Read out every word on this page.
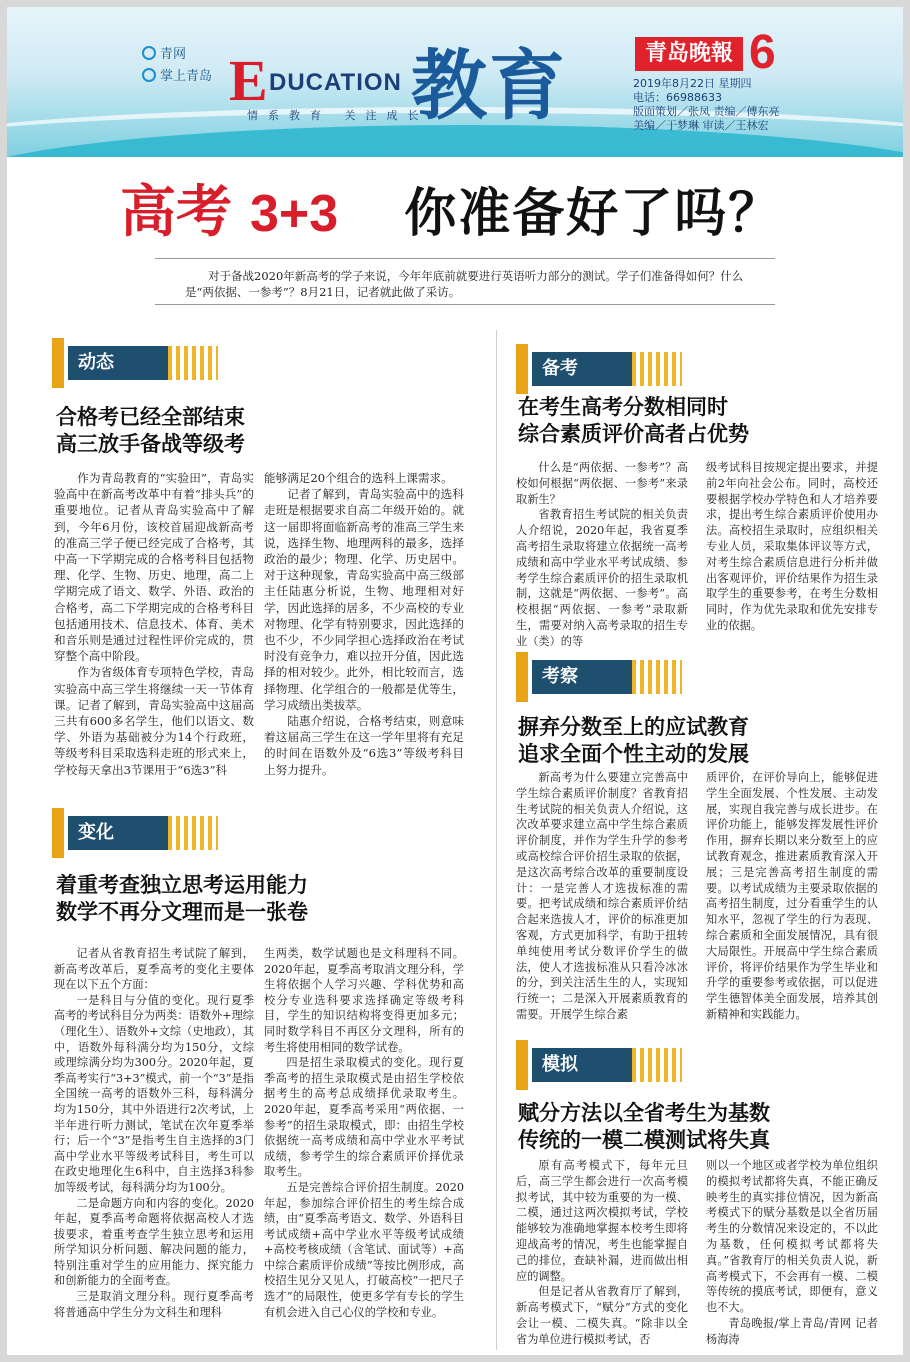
青网
掌上青岛 E DUCATION
情系教育 关注成长
教育	青岛晚報 6
2019年8月22日 星期四
电话：66988633
版面策划／张凤 责编／傅东亮
美编／于梦琳 审读／王林宏
高考 3+3 你准备好了吗？
对于备战2020年新高考的学子来说，今年年底前就要进行英语听力部分的测试。学子们准备得如何？什么是“两依据、一参考”？8月21日，记者就此做了采访。
动态
合格考已经全部结束
高三放手备战等级考

作为青岛教育的“实验田”，青岛实验高中在新高考改革中有着“排头兵”的重要地位。记者从青岛实验高中了解到，今年6月份，该校首届迎战新高考的准高三学子便已经完成了合格考，其中高一下学期完成的合格考科目包括物理、化学、生物、历史、地理，高二上学期完成了语文、数学、外语、政治的合格考，高二下学期完成的合格考科目包括通用技术、信息技术、体育、美术和音乐则是通过过程性评价完成的，贯穿整个高中阶段。

作为省级体育专项特色学校，青岛实验高中高三学生将继续一天一节体育课。记者了解到，青岛实验高中这届高三共有600多名学生，他们以语文、数学、外语为基础被分为14个行政班，等级考科目采取选科走班的形式来上，学校每天拿出3节课用于“6选3”科

能够满足20个组合的选科上课需求。

记者了解到，青岛实验高中的选科走班是根据要求自高二年级开始的。就这一届即将面临新高考的准高三学生来说，选择生物、地理两科的最多，选择政治的最少；物理、化学、历史居中。对于这种现象，青岛实验高中高三级部主任陆惠分析说，生物、地理相对好学，因此选择的居多，不少高校的专业对物理、化学有特别要求，因此选择的也不少，不少同学担心选择政治在考试时没有竞争力，难以拉开分值，因此选择的相对较少。此外，相比较而言，选择物理、化学组合的一般都是优等生，学习成绩出类拔萃。

陆惠介绍说，合格考结束，则意味着这届高三学生在这一学年里将有充足的时间在语数外及“6选3”等级考科目上努力提升。

变化
着重考查独立思考运用能力
数学不再分文理而是一张卷

记者从省教育招生考试院了解到，新高考改革后，夏季高考的变化主要体现在以下五个方面：

一是科目与分值的变化。现行夏季高考的考试科目分为两类：语数外+理综（理化生）、语数外+文综（史地政），其中，语数外每科满分均为150分，文综或理综满分均为300分。2020年起，夏季高考实行“3+3”模式，前一个“3”是指全国统一高考的语数外三科，每科满分均为150分，其中外语进行2次考试，上半年进行听力测试，笔试在次年夏季举行；后一个“3”是指考生自主选择的3门高中学业水平等级考试科目，考生可以在政史地理化生6科中，自主选择3科参加等级考试，每科满分均为100分。

二是命题方向和内容的变化。2020年起，夏季高考命题将依据高校人才选拔要求，着重考查学生独立思考和运用所学知识分析问题、解决问题的能力，特别注重对学生的应用能力、探究能力和创新能力的全面考查。

三是取消文理分科。现行夏季高考将普通高中学生分为文科生和理科

生两类，数学试题也是文科理科不同。2020年起，夏季高考取消文理分科，学生将依据个人学习兴趣、学科优势和高校分专业选科要求选择确定等级考科目，学生的知识结构将变得更加多元；同时数学科目不再区分文理科，所有的考生将使用相同的数学试卷。

四是招生录取模式的变化。现行夏季高考的招生录取模式是由招生学校依据考生的高考总成绩择优录取考生。2020年起，夏季高考采用“两依据、一参考”的招生录取模式，即：由招生学校依据统一高考成绩和高中学业水平考试成绩，参考学生的综合素质评价择优录取考生。

五是完善综合评价招生制度。2020年起，参加综合评价招生的考生综合成绩，由“夏季高考语文、数学、外语科目考试成绩+高中学业水平等级考试成绩+高校考核成绩（含笔试、面试等）+高中综合素质评价成绩”等按比例形成，高校招生见分又见人，打破高校“一把尺子选才”的局限性，使更多学有专长的学生有机会进入自己心仪的学校和专业。

备考
在考生高考分数相同时
综合素质评价高者占优势

什么是“两依据、一参考”？高校如何根据“两依据、一参考”来录取新生？

省教育招生考试院的相关负责人介绍说，2020年起，我省夏季高考招生录取将建立依据统一高考成绩和高中学业水平考试成绩、参考学生综合素质评价的招生录取机制，这就是“两依据、一参考”。高校根据“两依据、一参考”录取新生，需要对纳入高考录取的招生专业（类）的等

级考试科目按规定提出要求，并提前2年向社会公布。同时，高校还要根据学校办学特色和人才培养要求，提出考生综合素质评价使用办法。高校招生录取时，应组织相关专业人员，采取集体评议等方式，对考生综合素质信息进行分析并做出客观评价，评价结果作为招生录取学生的重要参考，在考生分数相同时，作为优先录取和优先安排专业的依据。

考察
摒弃分数至上的应试教育
追求全面个性主动的发展

新高考为什么要建立完善高中学生综合素质评价制度？省教育招生考试院的相关负责人介绍说，这次改革要求建立高中学生综合素质评价制度，并作为学生升学的参考或高校综合评价招生录取的依据，是这次高考综合改革的重要制度设计：一是完善人才选拔标准的需要。把考试成绩和综合素质评价结合起来选拔人才，评价的标准更加客观，方式更加科学，有助于扭转单纯使用考试分数评价学生的做法，使人才选拔标准从只看冷冰冰的分，到关注活生生的人，实现知行统一；二是深入开展素质教育的需要。开展学生综合素

质评价，在评价导向上，能够促进学生全面发展、个性发展、主动发展，实现自我完善与成长进步。在评价功能上，能够发挥发展性评价作用，摒弃长期以来分数至上的应试教育观念，推进素质教育深入开展；三是完善高考招生制度的需要。以考试成绩为主要录取依据的高考招生制度，过分看重学生的认知水平，忽视了学生的行为表现、综合素质和全面发展情况，具有很大局限性。开展高中学生综合素质评价，将评价结果作为学生毕业和升学的重要参考或依据，可以促进学生德智体美全面发展，培养其创新精神和实践能力。

模拟
赋分方法以全省考生为基数
传统的一模二模测试将失真

原有高考模式下，每年元旦后，高三学生都会进行一次高考模拟考试，其中较为重要的为一模、二模，通过这两次模拟考试，学校能够较为准确地掌握本校考生即将迎战高考的情况，考生也能掌握自己的排位，查缺补漏，进而做出相应的调整。

但是记者从省教育厅了解到，新高考模式下，“赋分”方式的变化会让一模、二模失真。“除非以全省为单位进行模拟考试，否

则以一个地区或者学校为单位组织的模拟考试都将失真，不能正确反映考生的真实排位情况，因为新高考模式下的赋分基数是以全省历届考生的分数情况来设定的，不以此为基数，任何模拟考试都将失真。”省教育厅的相关负责人说，新高考模式下，不会再有一模、二模等传统的摸底考试，即便有，意义也不大。

青岛晚报/掌上青岛/青网 记者 杨海涛
